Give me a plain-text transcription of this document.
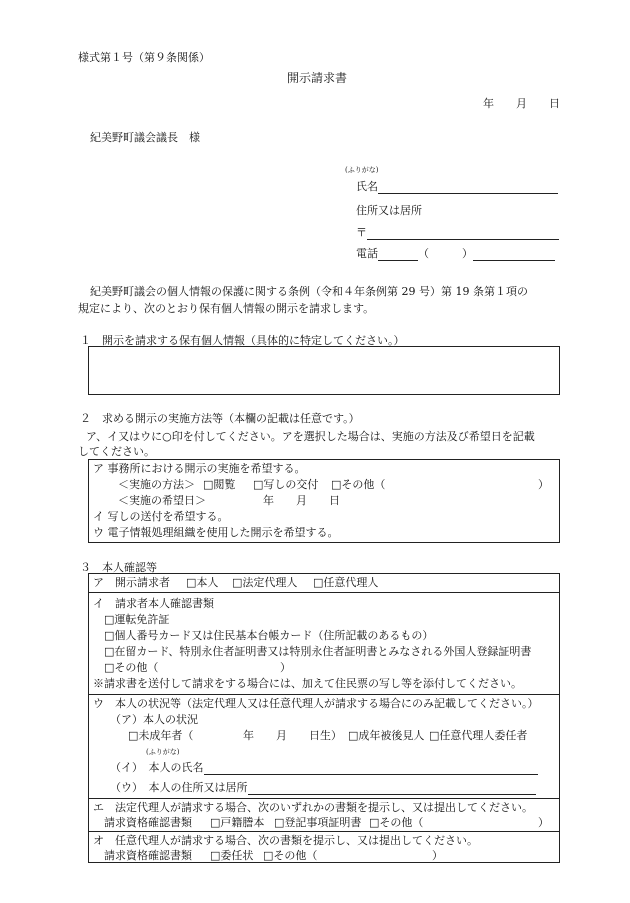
様式第１号（第９条関係）
開示請求書
年　　月　　日
紀美野町議会議長　様
(ふりがな)
氏名
住所又は居所
〒
電話	（　　　）
紀美野町議会の個人情報の保護に関する条例（令和４年条例第 29 号）第 19 条第１項の
規定により、次のとおり保有個人情報の開示を請求します。
１　開示を請求する保有個人情報（具体的に特定してください。）
２　求める開示の実施方法等（本欄の記載は任意です。）
ア、イ又はウに○印を付してください。アを選択した場合は、実施の方法及び希望日を記載
してください。
ア 事務所における開示の実施を希望する。
＜実施の方法＞ □閲覧 □写しの交付 □その他（	）
＜実施の希望日＞	年　　月　　日
イ 写しの送付を希望する。
ウ 電子情報処理組織を使用した開示を希望する。
３　本人確認等
ア　開示請求者 □本人 □法定代理人 □任意代理人
イ　請求者本人確認書類
□運転免許証
□個人番号カード又は住民基本台帳カード（住所記載のあるもの）
□在留カード、特別永住者証明書又は特別永住者証明書とみなされる外国人登録証明書
□その他（	）
※請求書を送付して請求をする場合には、加えて住民票の写し等を添付してください。
ウ　本人の状況等（法定代理人又は任意代理人が請求する場合にのみ記載してください。）
（ア）本人の状況
□未成年者（	年　　月　　日生） □成年被後見人 □任意代理人委任者
(ふりがな)
（イ）　本人の氏名
（ウ）　本人の住所又は居所
エ　法定代理人が請求する場合、次のいずれかの書類を提示し、又は提出してください。
請求資格確認書類 □戸籍謄本 □登記事項証明書 □その他（	）
オ　任意代理人が請求する場合、次の書類を提示し、又は提出してください。
請求資格確認書類 □委任状 □その他（	）
